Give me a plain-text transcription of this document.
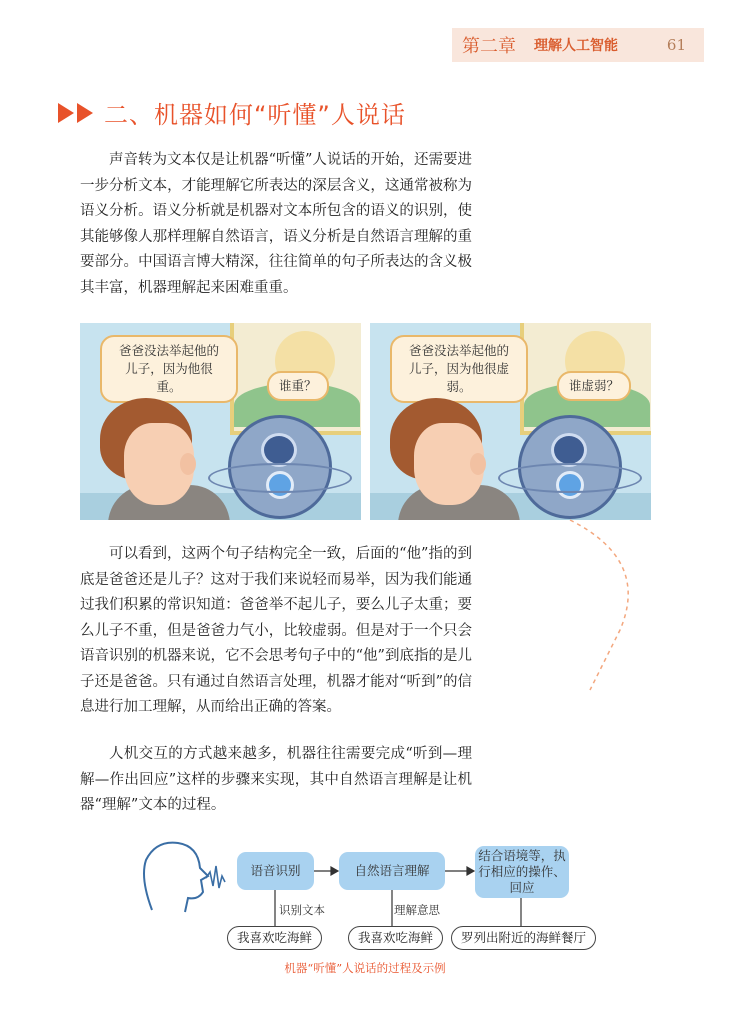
第二章 理解人工智能	61
二、机器如何“听懂”人说话

声音转为文本仅是让机器“听懂”人说话的开始，还需要进一步分析文本，才能理解它所表达的深层含义，这通常被称为语义分析。语义分析就是机器对文本所包含的语义的识别，使其能够像人那样理解自然语言，语义分析是自然语言理解的重要部分。中国语言博大精深，往往简单的句子所表达的含义极其丰富，机器理解起来困难重重。

爸爸没法举起他的儿子，因为他很重。	谁重？
爸爸没法举起他的儿子，因为他很虚弱。	谁虚弱？

可以看到，这两个句子结构完全一致，后面的“他”指的到底是爸爸还是儿子？这对于我们来说轻而易举，因为我们能通过我们积累的常识知道：爸爸举不起儿子，要么儿子太重；要么儿子不重，但是爸爸力气小，比较虚弱。但是对于一个只会语音识别的机器来说，它不会思考句子中的“他”到底指的是儿子还是爸爸。只有通过自然语言处理，机器才能对“听到”的信息进行加工理解，从而给出正确的答案。

人机交互的方式越来越多，机器往往需要完成“听到—理解—作出回应”这样的步骤来实现，其中自然语言理解是让机器“理解”文本的过程。

语音识别	自然语言理解
结合语境等，执行相应的操作、回应
识别文本	理解意思
我喜欢吃海鲜	我喜欢吃海鲜	罗列出附近的海鲜餐厅
机器“听懂”人说话的过程及示例
